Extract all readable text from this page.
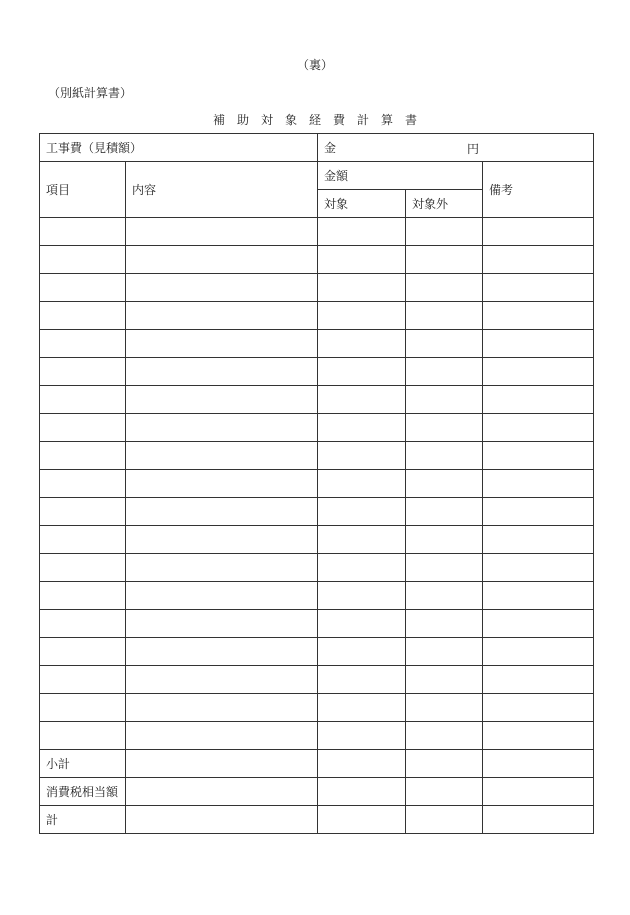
（裏）
（別紙計算書）
補助対象経費計算書
工事費（見積額）		金 円		

項目	内容	金額		備考
		対象	対象外	

小計				
消費税相当額				
計				
